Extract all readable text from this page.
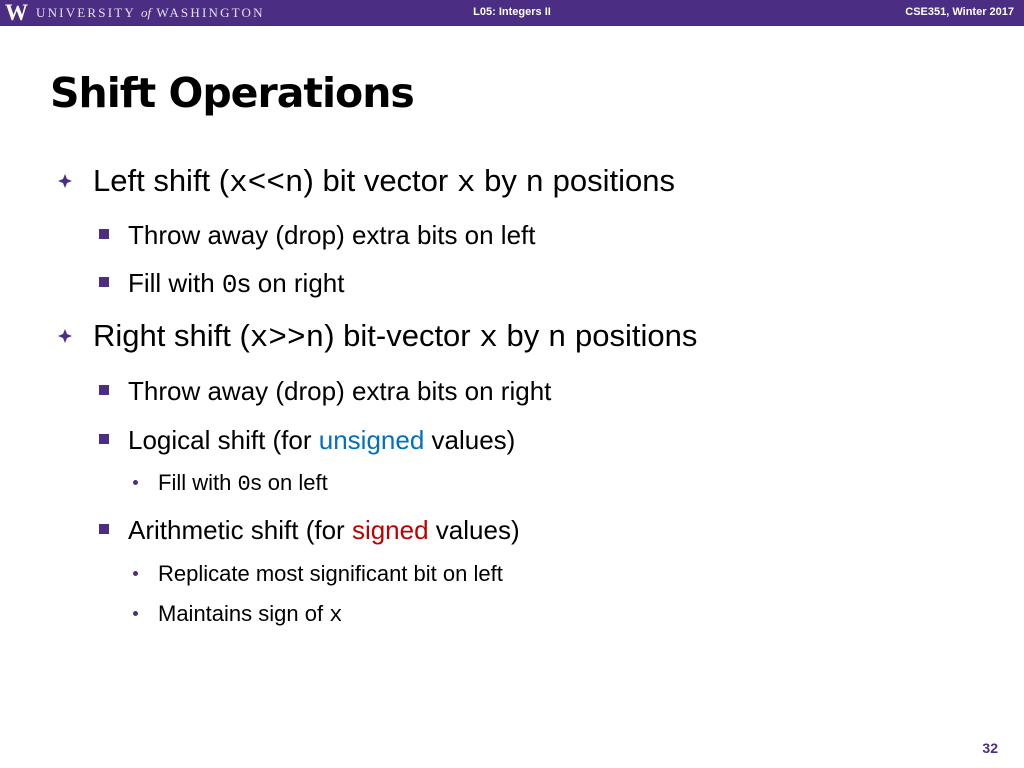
W UNIVERSITY of WASHINGTON	L05: Integers II	CSE351, Winter 2017
Shift Operations
Left shift (x<<n) bit vector x by n positions
Throw away (drop) extra bits on left
Fill with 0s on right
Right shift (x>>n) bit-vector x by n positions
Throw away (drop) extra bits on right
Logical shift (for unsigned values)
Fill with 0s on left
Arithmetic shift (for signed values)
Replicate most significant bit on left
Maintains sign of x
32
